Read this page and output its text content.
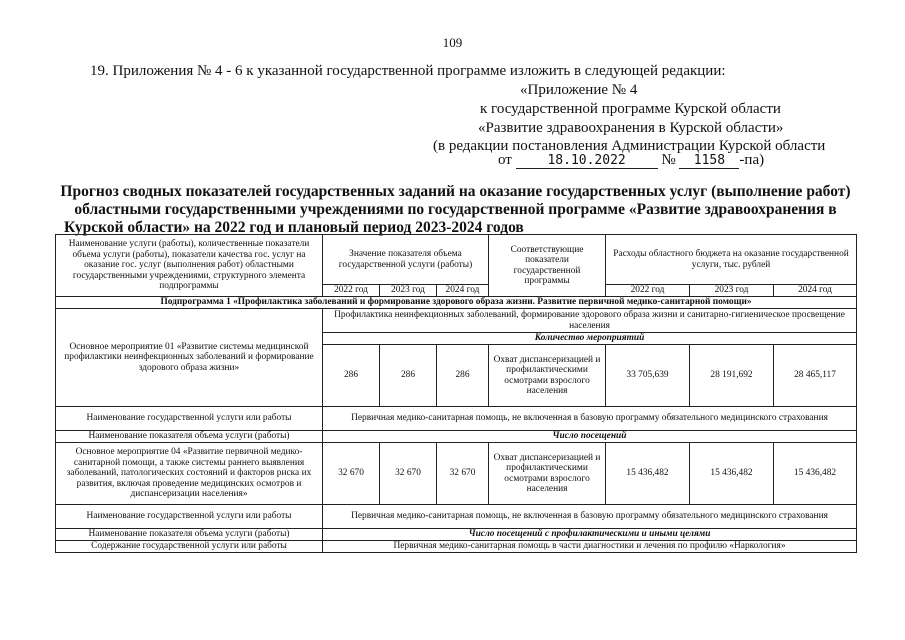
109
19. Приложения № 4 - 6 к указанной государственной программе изложить в следующей редакции:
«Приложение № 4
к государственной программе Курской области
«Развитие здравоохранения в Курской области»
(в редакции постановления Администрации Курской области
от	18.10.2022 № 1158 -па)
Прогноз сводных показателей государственных заданий на оказание государственных услуг (выполнение работ)
областными государственными учреждениями по государственной программе «Развитие здравоохранения в
Курской области» на 2022 год и плановый период 2023-2024 годов
Наименование услуги (работы), количественные показатели объема услуги (работы), показатели качества гос. услуг на оказание гос. услуг (выполнения работ) областными государственными учреждениями, структурного элемента подпрограммы	Значение показателя объема государственной услуги (работы)			Соответствующие показатели государственной программы	Расходы областного бюджета на оказание государственной услуги, тыс. рублей		
	2022 год	2023 год	2024 год		2022 год	2023 год	2024 год
Подпрограмма 1 «Профилактика заболеваний и формирование здорового образа жизни. Развитие первичной медико-санитарной помощи»							
Основное мероприятие 01 «Развитие системы медицинской профилактики неинфекционных заболеваний и формирование здорового образа жизни»	Профилактика неинфекционных заболеваний, формирование здорового образа жизни и санитарно-гигиеническое просвещение населения						
	Количество мероприятий						
	286	286	286	Охват диспансеризацией и профилактическими осмотрами взрослого населения	33 705,639	28 191,692	28 465,117
Наименование государственной услуги или работы	Первичная медико-санитарная помощь, не включенная в базовую программу обязательного медицинского страхования						
Наименование показателя объема услуги (работы)	Число посещений						
Основное мероприятие 04 «Развитие первичной медико-санитарной помощи, а также системы раннего выявления заболеваний, патологических состояний и факторов риска их развития, включая проведение медицинских осмотров и диспансеризации населения»	32 670	32 670	32 670	Охват диспансеризацией и профилактическими осмотрами взрослого населения	15 436,482	15 436,482	15 436,482
Наименование государственной услуги или работы	Первичная медико-санитарная помощь, не включенная в базовую программу обязательного медицинского страхования						
Наименование показателя объема услуги (работы)	Число посещений с профилактическими и иными целями						
Содержание государственной услуги или работы	Первичная медико-санитарная помощь в части диагностики и лечения по профилю «Наркология»						
